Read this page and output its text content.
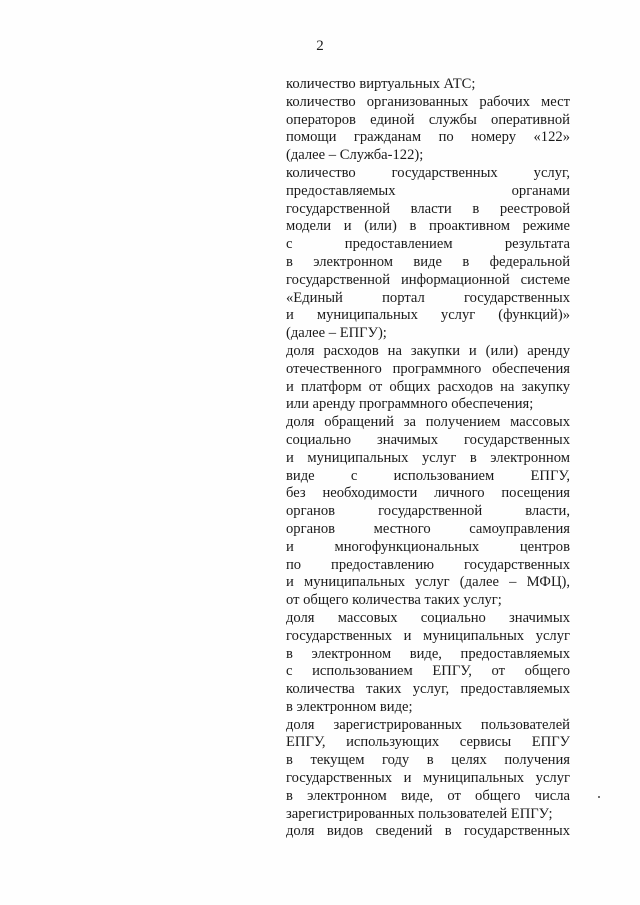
2
количество виртуальных АТС;
количество организованных рабочих мест
операторов единой службы оперативной
помощи гражданам по номеру «122»
(далее – Служба-122);
количество государственных услуг,
предоставляемых органами
государственной власти в реестровой
модели и (или) в проактивном режиме
с предоставлением результата
в электронном виде в федеральной
государственной информационной системе
«Единый портал государственных
и муниципальных услуг (функций)»
(далее – ЕПГУ);
доля расходов на закупки и (или) аренду
отечественного программного обеспечения
и платформ от общих расходов на закупку
или аренду программного обеспечения;
доля обращений за получением массовых
социально значимых государственных
и муниципальных услуг в электронном
виде с использованием ЕПГУ,
без необходимости личного посещения
органов государственной власти,
органов местного самоуправления
и многофункциональных центров
по предоставлению государственных
и муниципальных услуг (далее – МФЦ),
от общего количества таких услуг;
доля массовых социально значимых
государственных и муниципальных услуг
в электронном виде, предоставляемых
с использованием ЕПГУ, от общего
количества таких услуг, предоставляемых
в электронном виде;
доля зарегистрированных пользователей
ЕПГУ, использующих сервисы ЕПГУ
в текущем году в целях получения
государственных и муниципальных услуг
в электронном виде, от общего числа
зарегистрированных пользователей ЕПГУ;
доля видов сведений в государственных
